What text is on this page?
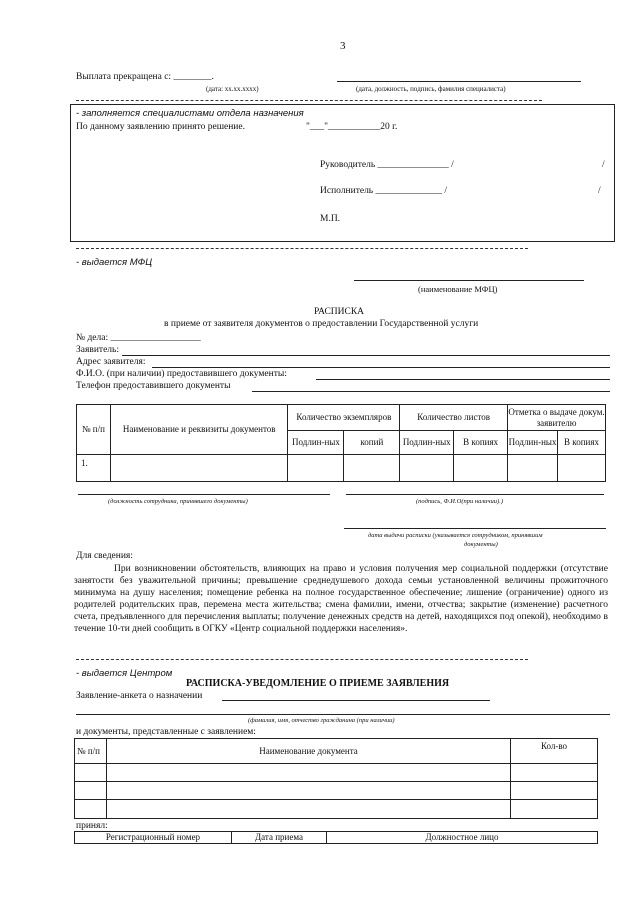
3
Выплата прекращена с: ________.
(дата: хх.хх.хххх)	(дата, должность, подпись, фамилия специалиста)
- заполняется специалистами отдела назначения
По данному заявлению принято решение.	"___"___________20 г.
Руководитель _______________ /	/
Исполнитель ______________ /	/
М.П.
- выдается МФЦ
(наименование МФЦ)
РАСПИСКА
в приеме от заявителя документов о предоставлении Государственной услуги
№ дела: ___________________
Заявитель:
Адрес заявителя:
Ф.И.О. (при наличии) предоставившего документы:
Телефон предоставившего документы
№ п/п	Наименование и реквизиты документов	Количество экземпляров		Количество листов		Отметка о выдаче докум. заявителю	
		Подлин-ных	копий	Подлин-ных	В копиях	Подлин-ных	В копиях
1.							
(должность сотрудника, принявшего документы)	(подпись, Ф.И.О(при наличии).)
дата выдачи расписки (указывается сотрудником, принявшим
документы)
Для сведения:
При возникновении обстоятельств, влияющих на право и условия получения мер социальной поддержки (отсутствие занятости без уважительной причины; превышение среднедушевого дохода семьи установленной величины прожиточного минимума на душу населения; помещение ребенка на полное государственное обеспечение; лишение (ограничение) одного из родителей родительских прав, перемена места жительства; смена фамилии, имени, отчества; закрытие (изменение) расчетного счета, предъявленного для перечисления выплаты; получение денежных средств на детей, находящихся под опекой), необходимо в течение 10-ти дней сообщить в ОГКУ «Центр социальной поддержки населения».
- выдается Центром
РАСПИСКА-УВЕДОМЛЕНИЕ О ПРИЕМЕ ЗАЯВЛЕНИЯ
Заявление-анкета о назначении
(фамилия, имя, отчество гражданина (при наличии)
и документы, представленные с заявлением:
№ п/п	Наименование документа	Кол-во

принял:
Регистрационный номер	Дата приема	Должностное лицо
